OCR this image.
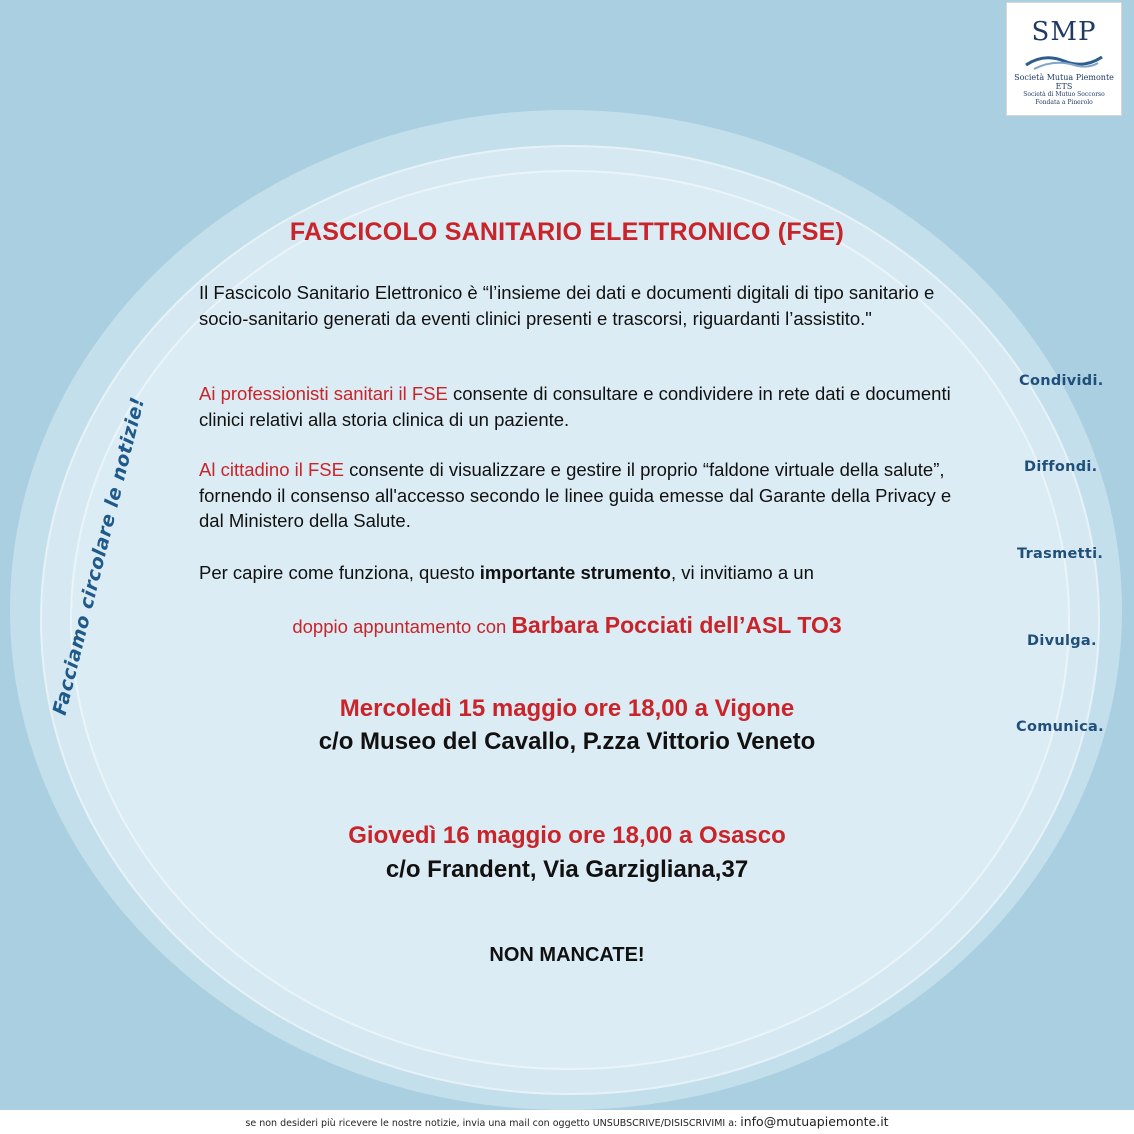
SMP
Società Mutua Piemonte ETS
Società di Mutuo Soccorso
Fondata a Pinerolo
FASCICOLO SANITARIO ELETTRONICO (FSE)
Il Fascicolo Sanitario Elettronico è “l’insieme dei dati e documenti digitali di tipo sanitario e socio-sanitario generati da eventi clinici presenti e trascorsi, riguardanti l’assistito."
Ai professionisti sanitari il FSE consente di consultare e condividere in rete dati e documenti clinici relativi alla storia clinica di un paziente.
Al cittadino il FSE consente di visualizzare e gestire il proprio “faldone virtuale della salute”, fornendo il consenso all'accesso secondo le linee guida emesse dal Garante della Privacy e dal Ministero della Salute.
Per capire come funziona, questo importante strumento, vi invitiamo a un
doppio appuntamento con Barbara Pocciati dell’ASL TO3
Mercoledì 15 maggio ore 18,00 a Vigone
c/o Museo del Cavallo, P.zza Vittorio Veneto
Giovedì 16 maggio ore 18,00 a Osasco
c/o Frandent, Via Garzigliana,37
NON MANCATE!
Facciamo circolare le notizie!
Condividi.
Diffondi.
Trasmetti.
Divulga.
Comunica.
se non desideri più ricevere le nostre notizie, invia una mail con oggetto UNSUBSCRIVE/DISISCRIVIMI a: info@mutuapiemonte.it
